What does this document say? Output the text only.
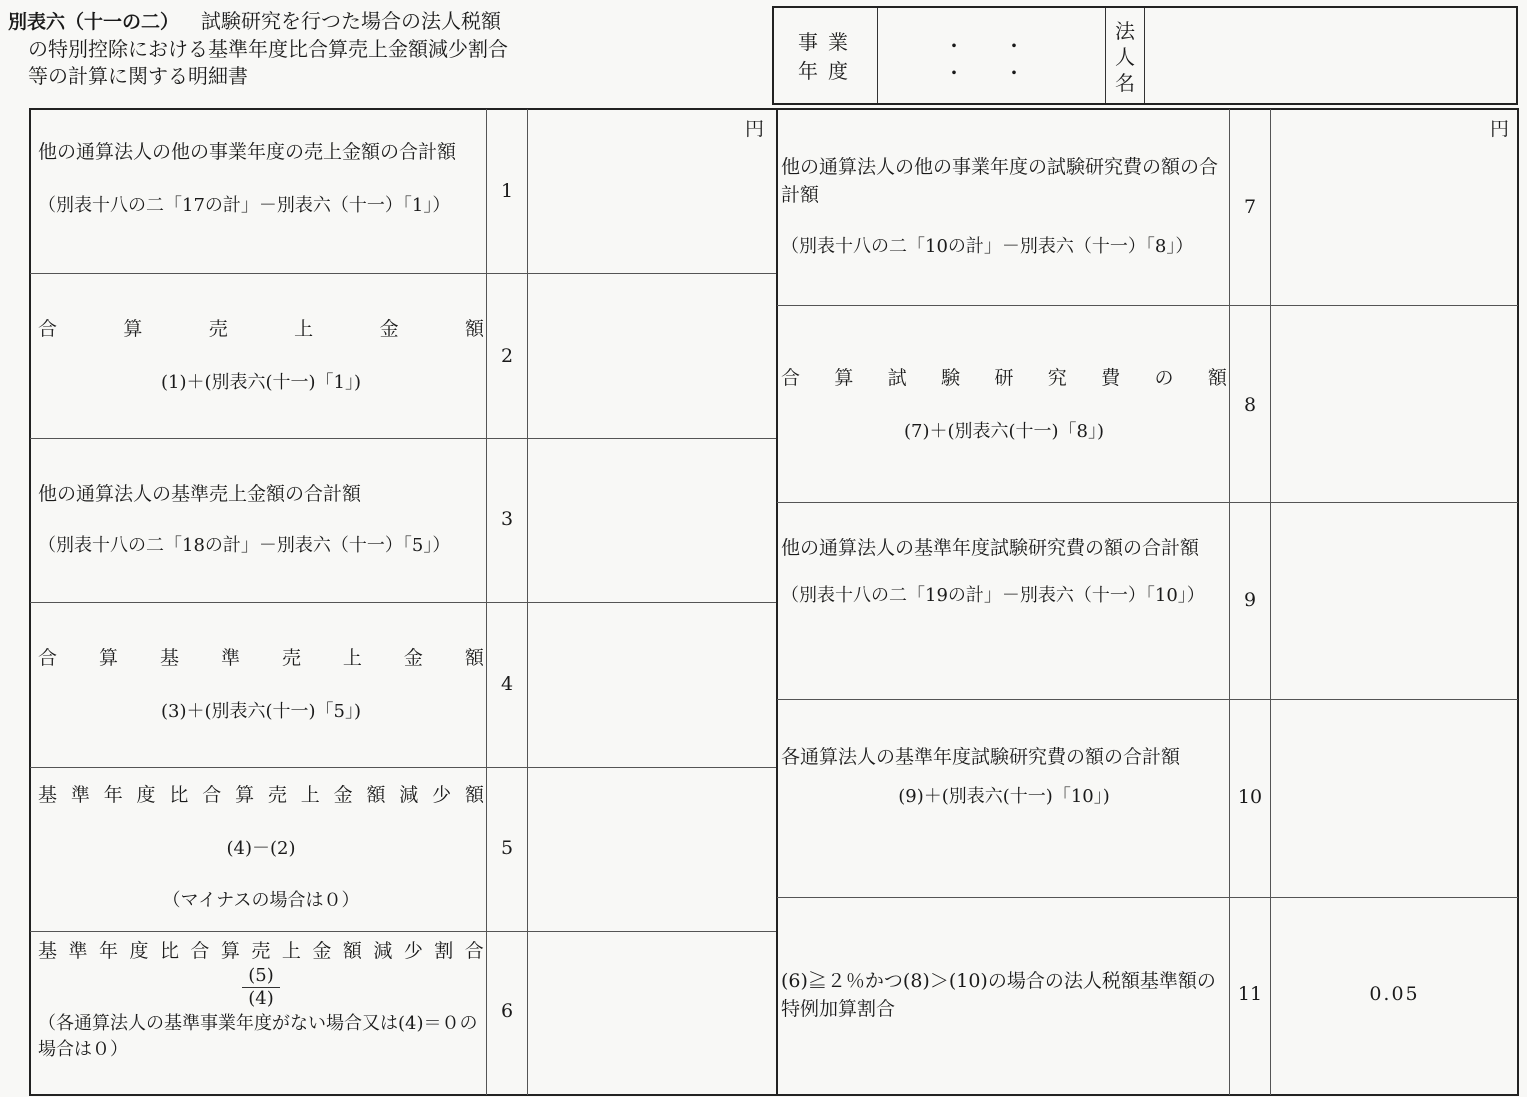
別表六（十一の二） 試験研究を行つた場合の法人税額
の特別控除における基準年度比合算売上金額減少割合
等の計算に関する明細書
事業
年度
・　　・
・　　・
法
人
名
円	円
他の通算法人の他の事業年度の売上金額の合計額
（別表十八の二「17の計」－別表六（十一）「1」）
1
合	算	売	上	金	額
(1)＋(別表六(十一)「1」)
2
他の通算法人の基準売上金額の合計額
（別表十八の二「18の計」－別表六（十一）「5」）
3
合 算 基 準 売 上 金 額
(3)＋(別表六(十一)「5」)
4
基 準 年 度 比 合 算 売 上 金 額 減 少 額
(4)－(2)
（マイナスの場合は０）
5
基 準 年 度 比 合 算 売 上 金 額 減 少 割 合
$\frac{(5)}{(4)}$
（各通算法人の基準事業年度がない場合又は(4)＝０の場合は０）
6
他の通算法人の他の事業年度の試験研究費の額の合計額
（別表十八の二「10の計」－別表六（十一）「8」）
7
合 算 試 験 研 究 費 の 額
(7)＋(別表六(十一)「8」)
8
他の通算法人の基準年度試験研究費の額の合計額
（別表十八の二「19の計」－別表六（十一）「10」）	9
各通算法人の基準年度試験研究費の額の合計額
(9)＋(別表六(十一)「10」)	10
(6)≧２％かつ(8)＞(10)の場合の法人税額基準額の特例加算割合
11	0.05
